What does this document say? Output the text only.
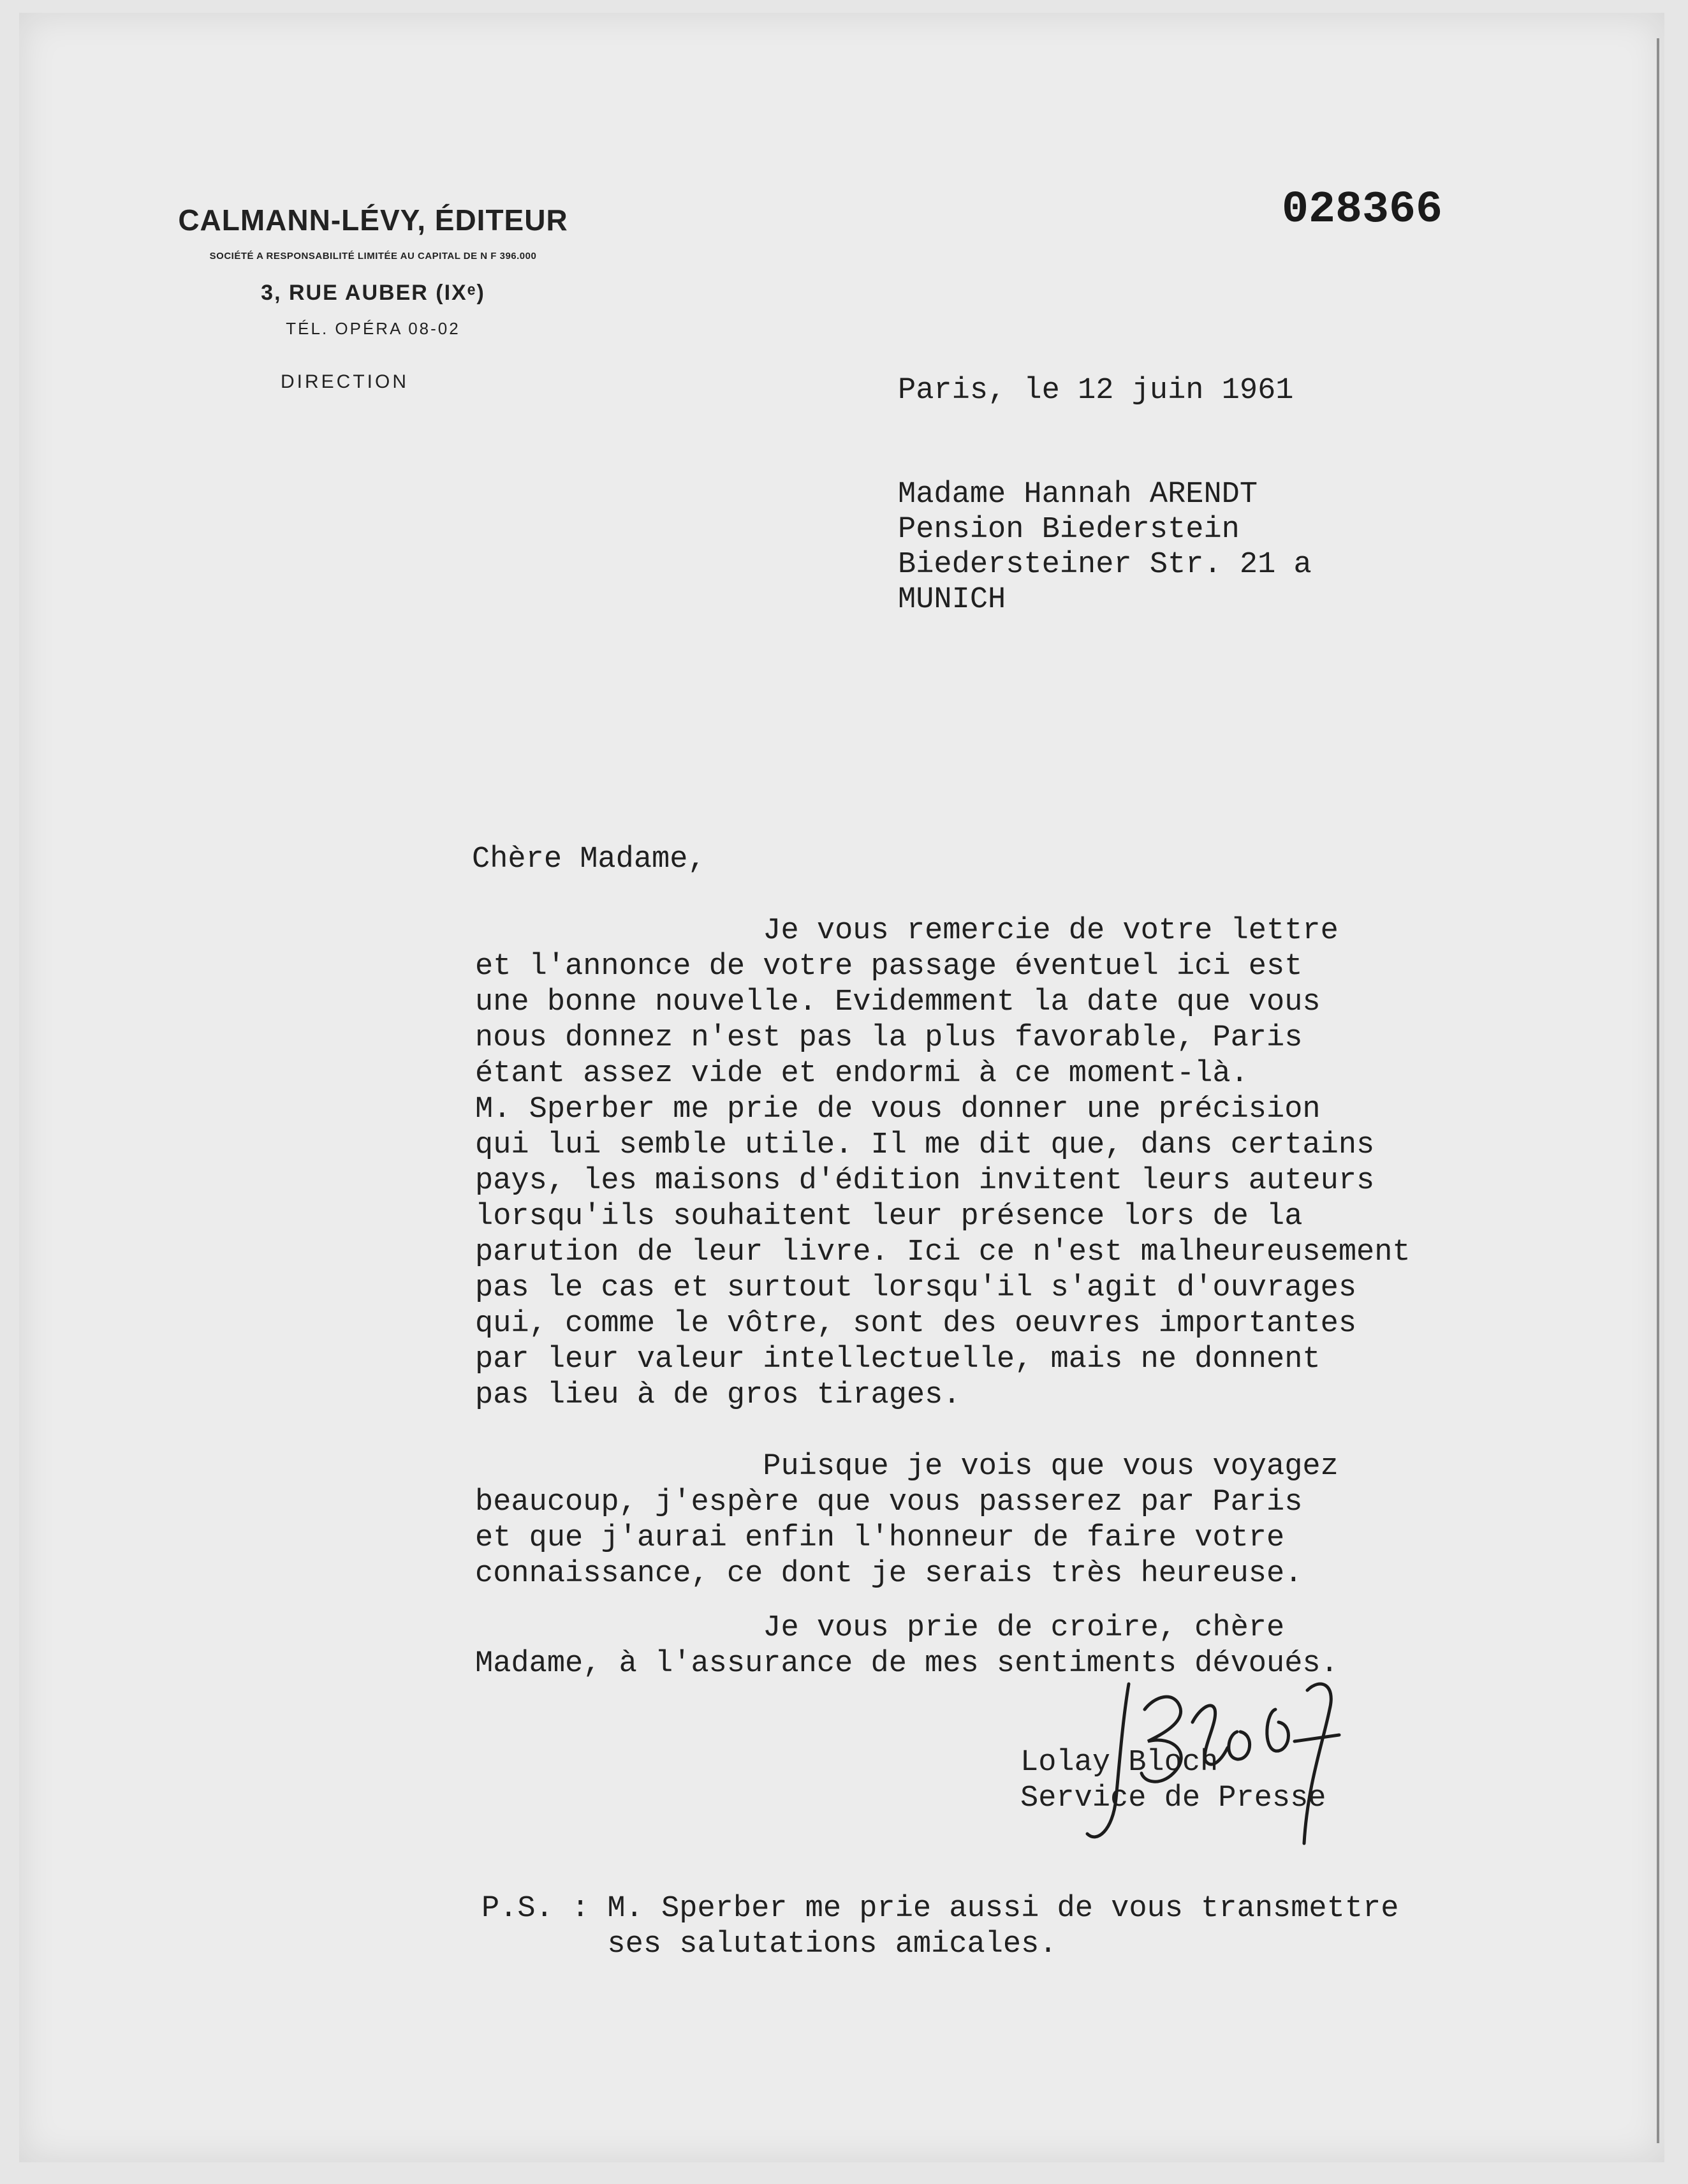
CALMANN-LÉVY, ÉDITEUR
SOCIÉTÉ A RESPONSABILITÉ LIMITÉE AU CAPITAL DE N F 396.000
3, RUE AUBER (IXᵉ)
TÉL. OPÉRA 08-02
DIRECTION
028366

Paris, le 12 juin 1961

Madame Hannah ARENDT
Pension Biederstein
Biedersteiner Str. 21 a
MUNICH

Chère Madame,

Je vous remercie de votre lettre
et l'annonce de votre passage éventuel ici est
une bonne nouvelle. Evidemment la date que vous
nous donnez n'est pas la plus favorable, Paris
étant assez vide et endormi à ce moment-là.
M. Sperber me prie de vous donner une précision
qui lui semble utile. Il me dit que, dans certains
pays, les maisons d'édition invitent leurs auteurs
lorsqu'ils souhaitent leur présence lors de la
parution de leur livre. Ici ce n'est malheureusement
pas le cas et surtout lorsqu'il s'agit d'ouvrages
qui, comme le vôtre, sont des oeuvres importantes
par leur valeur intellectuelle, mais ne donnent
pas lieu à de gros tirages.

Puisque je vois que vous voyagez
beaucoup, j'espère que vous passerez par Paris
et que j'aurai enfin l'honneur de faire votre
connaissance, ce dont je serais très heureuse.

Je vous prie de croire, chère
Madame, à l'assurance de mes sentiments dévoués.

Lolay Bloch
Service de Presse

P.S. : M. Sperber me prie aussi de vous transmettre
ses salutations amicales.
